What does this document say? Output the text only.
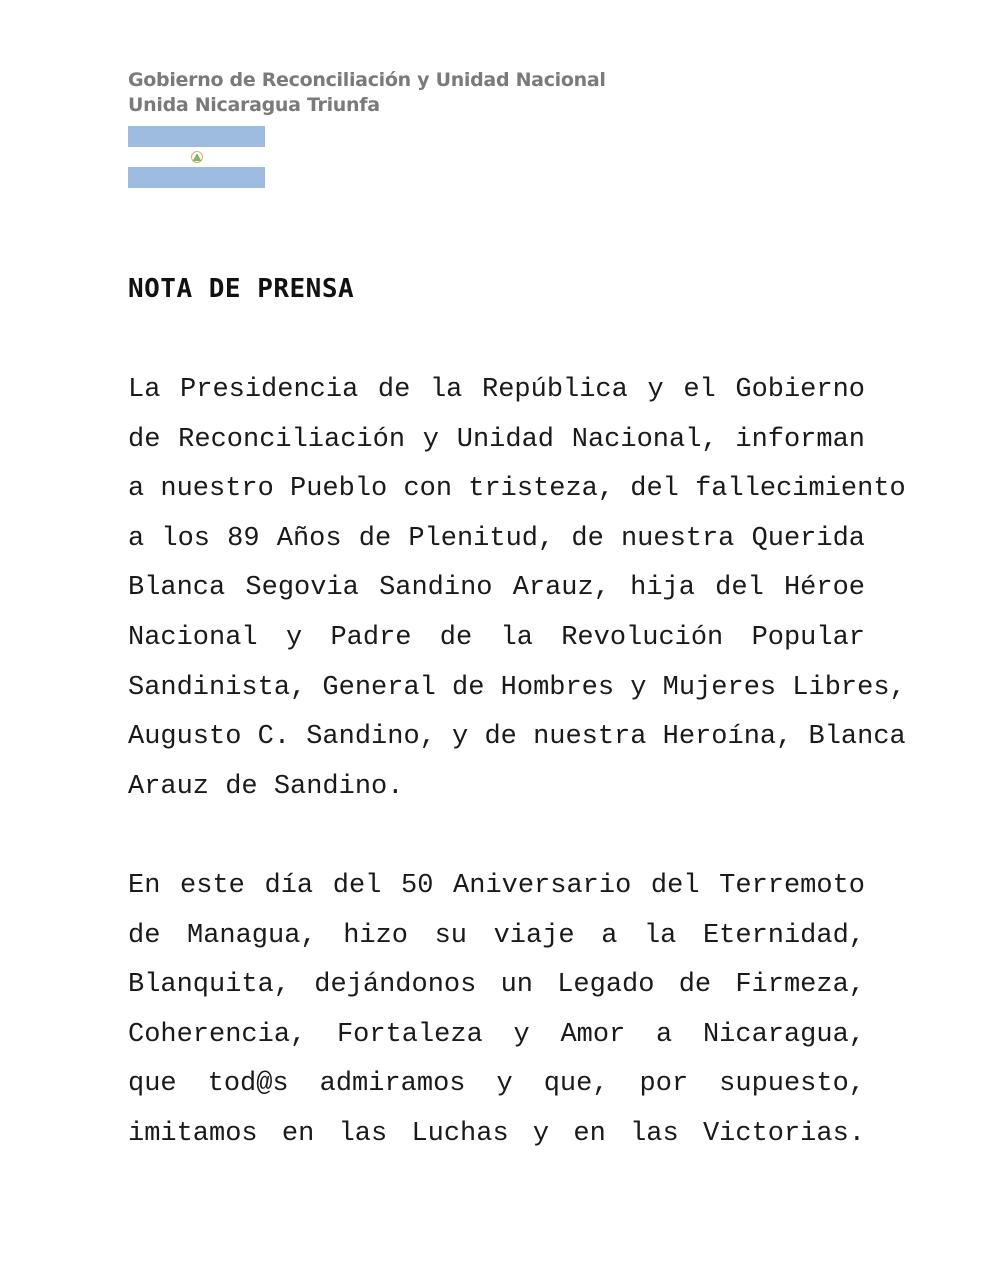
Gobierno de Reconciliación y Unidad Nacional
Unida Nicaragua Triunfa
NOTA DE PRENSA
La Presidencia de la República y el Gobierno
de Reconciliación y Unidad Nacional, informan
a nuestro Pueblo con tristeza, del fallecimiento
a los 89 Años de Plenitud, de nuestra Querida
Blanca Segovia Sandino Arauz, hija del Héroe
Nacional y Padre de la Revolución Popular
Sandinista, General de Hombres y Mujeres Libres,
Augusto C. Sandino, y de nuestra Heroína, Blanca
Arauz de Sandino.
En este día del 50 Aniversario del Terremoto
de Managua, hizo su viaje a la Eternidad,
Blanquita, dejándonos un Legado de Firmeza,
Coherencia, Fortaleza y Amor a Nicaragua,
que tod@s admiramos y que, por supuesto,
imitamos en las Luchas y en las Victorias.
